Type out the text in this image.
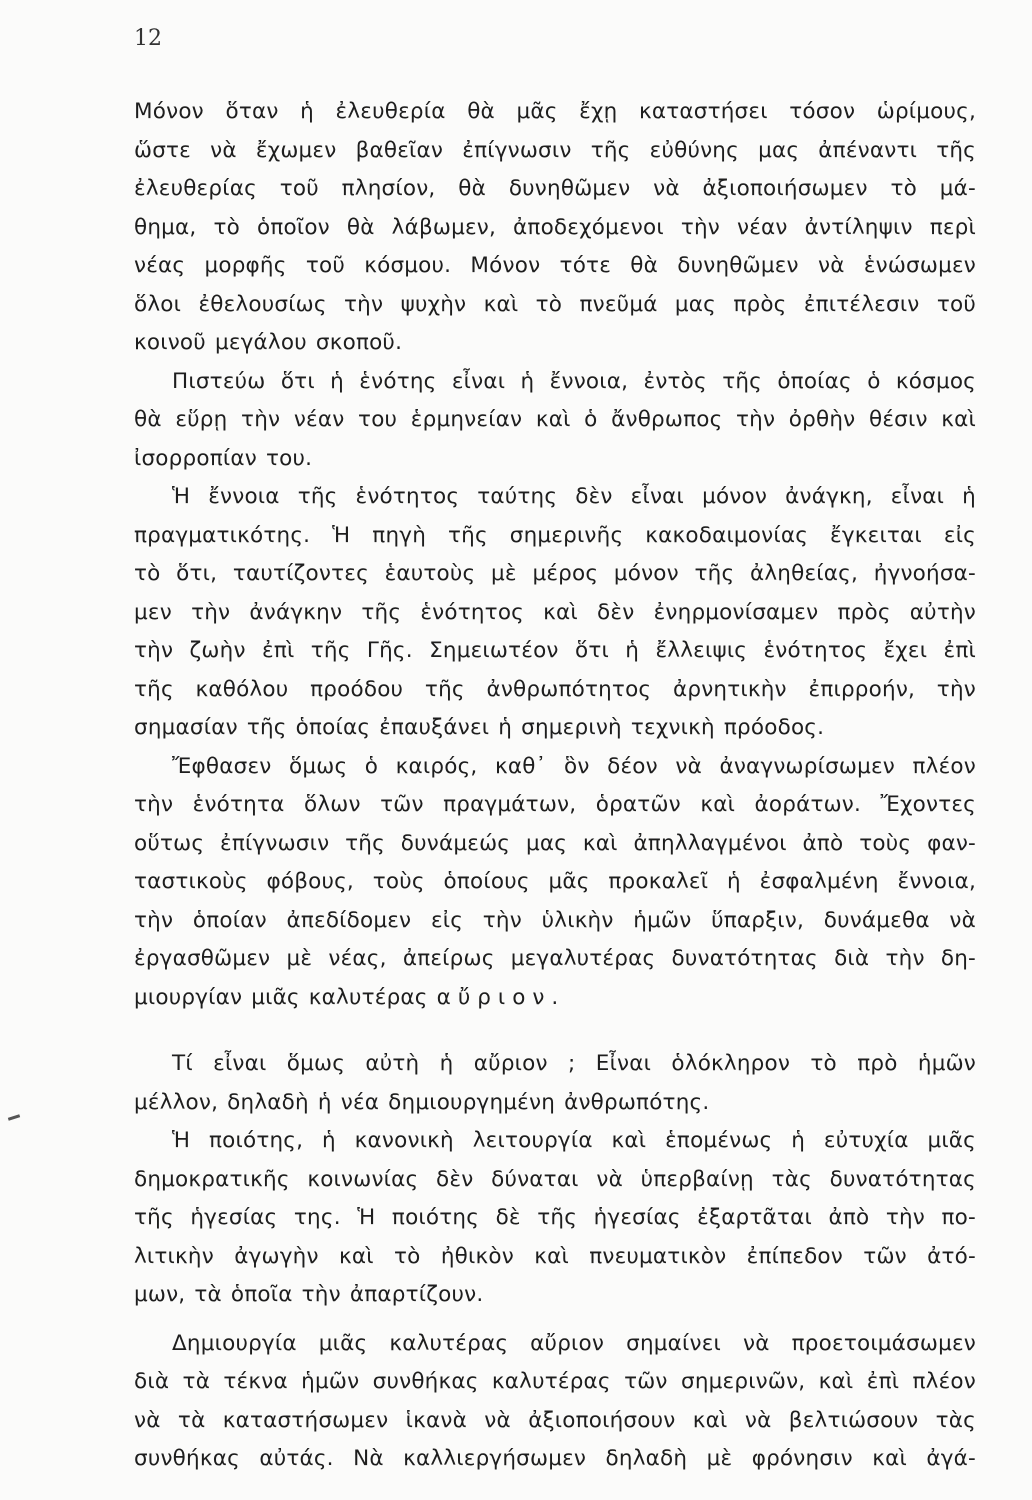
12
Μόνον ὅταν ἡ ἐλευθερία θὰ μᾶς ἔχῃ καταστήσει τόσον ὡρίμους,
ὥστε νὰ ἔχωμεν βαθεῖαν ἐπίγνωσιν τῆς εὐθύνης μας ἀπέναντι τῆς
ἐλευθερίας τοῦ πλησίον, θὰ δυνηθῶμεν νὰ ἀξιοποιήσωμεν τὸ μά-
θημα, τὸ ὁποῖον θὰ λάβωμεν, ἀποδεχόμενοι τὴν νέαν ἀντίληψιν περὶ
νέας μορφῆς τοῦ κόσμου. Μόνον τότε θὰ δυνηθῶμεν νὰ ἑνώσωμεν
ὅλοι ἐθελουσίως τὴν ψυχὴν καὶ τὸ πνεῦμά μας πρὸς ἐπιτέλεσιν τοῦ
κοινοῦ μεγάλου σκοποῦ.
Πιστεύω ὅτι ἡ ἑνότης εἶναι ἡ ἔννοια, ἐντὸς τῆς ὁποίας ὁ κόσμος
θὰ εὕρῃ τὴν νέαν του ἑρμηνείαν καὶ ὁ ἄνθρωπος τὴν ὀρθὴν θέσιν καὶ
ἰσορροπίαν του.
Ἡ ἔννοια τῆς ἑνότητος ταύτης δὲν εἶναι μόνον ἀνάγκη, εἶναι ἡ
πραγματικότης. Ἡ πηγὴ τῆς σημερινῆς κακοδαιμονίας ἔγκειται εἰς
τὸ ὅτι, ταυτίζοντες ἑαυτοὺς μὲ μέρος μόνον τῆς ἀληθείας, ἠγνοήσα-
μεν τὴν ἀνάγκην τῆς ἑνότητος καὶ δὲν ἐνηρμονίσαμεν πρὸς αὐτὴν
τὴν ζωὴν ἐπὶ τῆς Γῆς. Σημειωτέον ὅτι ἡ ἔλλειψις ἑνότητος ἔχει ἐπὶ
τῆς καθόλου προόδου τῆς ἀνθρωπότητος ἀρνητικὴν ἐπιρροήν, τὴν
σημασίαν τῆς ὁποίας ἐπαυξάνει ἡ σημερινὴ τεχνικὴ πρόοδος.
Ἔφθασεν ὅμως ὁ καιρός, καθ᾽ ὃν δέον νὰ ἀναγνωρίσωμεν πλέον
τὴν ἑνότητα ὅλων τῶν πραγμάτων, ὁρατῶν καὶ ἀοράτων. Ἔχοντες
οὕτως ἐπίγνωσιν τῆς δυνάμεώς μας καὶ ἀπηλλαγμένοι ἀπὸ τοὺς φαν-
ταστικοὺς φόβους, τοὺς ὁποίους μᾶς προκαλεῖ ἡ ἐσφαλμένη ἔννοια,
τὴν ὁποίαν ἀπεδίδομεν εἰς τὴν ὑλικὴν ἡμῶν ὕπαρξιν, δυνάμεθα νὰ
ἐργασθῶμεν μὲ νέας, ἀπείρως μεγαλυτέρας δυνατότητας διὰ τὴν δη-
μιουργίαν μιᾶς καλυτέρας αὔριον.
Τί εἶναι ὅμως αὐτὴ ἡ αὔριον ; Εἶναι ὁλόκληρον τὸ πρὸ ἡμῶν
μέλλον, δηλαδὴ ἡ νέα δημιουργημένη ἀνθρωπότης.
Ἡ ποιότης, ἡ κανονικὴ λειτουργία καὶ ἑπομένως ἡ εὐτυχία μιᾶς
δημοκρατικῆς κοινωνίας δὲν δύναται νὰ ὑπερβαίνῃ τὰς δυνατότητας
τῆς ἡγεσίας της. Ἡ ποιότης δὲ τῆς ἡγεσίας ἐξαρτᾶται ἀπὸ τὴν πο-
λιτικὴν ἀγωγὴν καὶ τὸ ἠθικὸν καὶ πνευματικὸν ἐπίπεδον τῶν ἀτό-
μων, τὰ ὁποῖα τὴν ἀπαρτίζουν.
Δημιουργία μιᾶς καλυτέρας αὔριον σημαίνει νὰ προετοιμάσωμεν
διὰ τὰ τέκνα ἡμῶν συνθήκας καλυτέρας τῶν σημερινῶν, καὶ ἐπὶ πλέον
νὰ τὰ καταστήσωμεν ἱκανὰ νὰ ἀξιοποιήσουν καὶ νὰ βελτιώσουν τὰς
συνθήκας αὐτάς. Νὰ καλλιεργήσωμεν δηλαδὴ μὲ φρόνησιν καὶ ἀγά-
